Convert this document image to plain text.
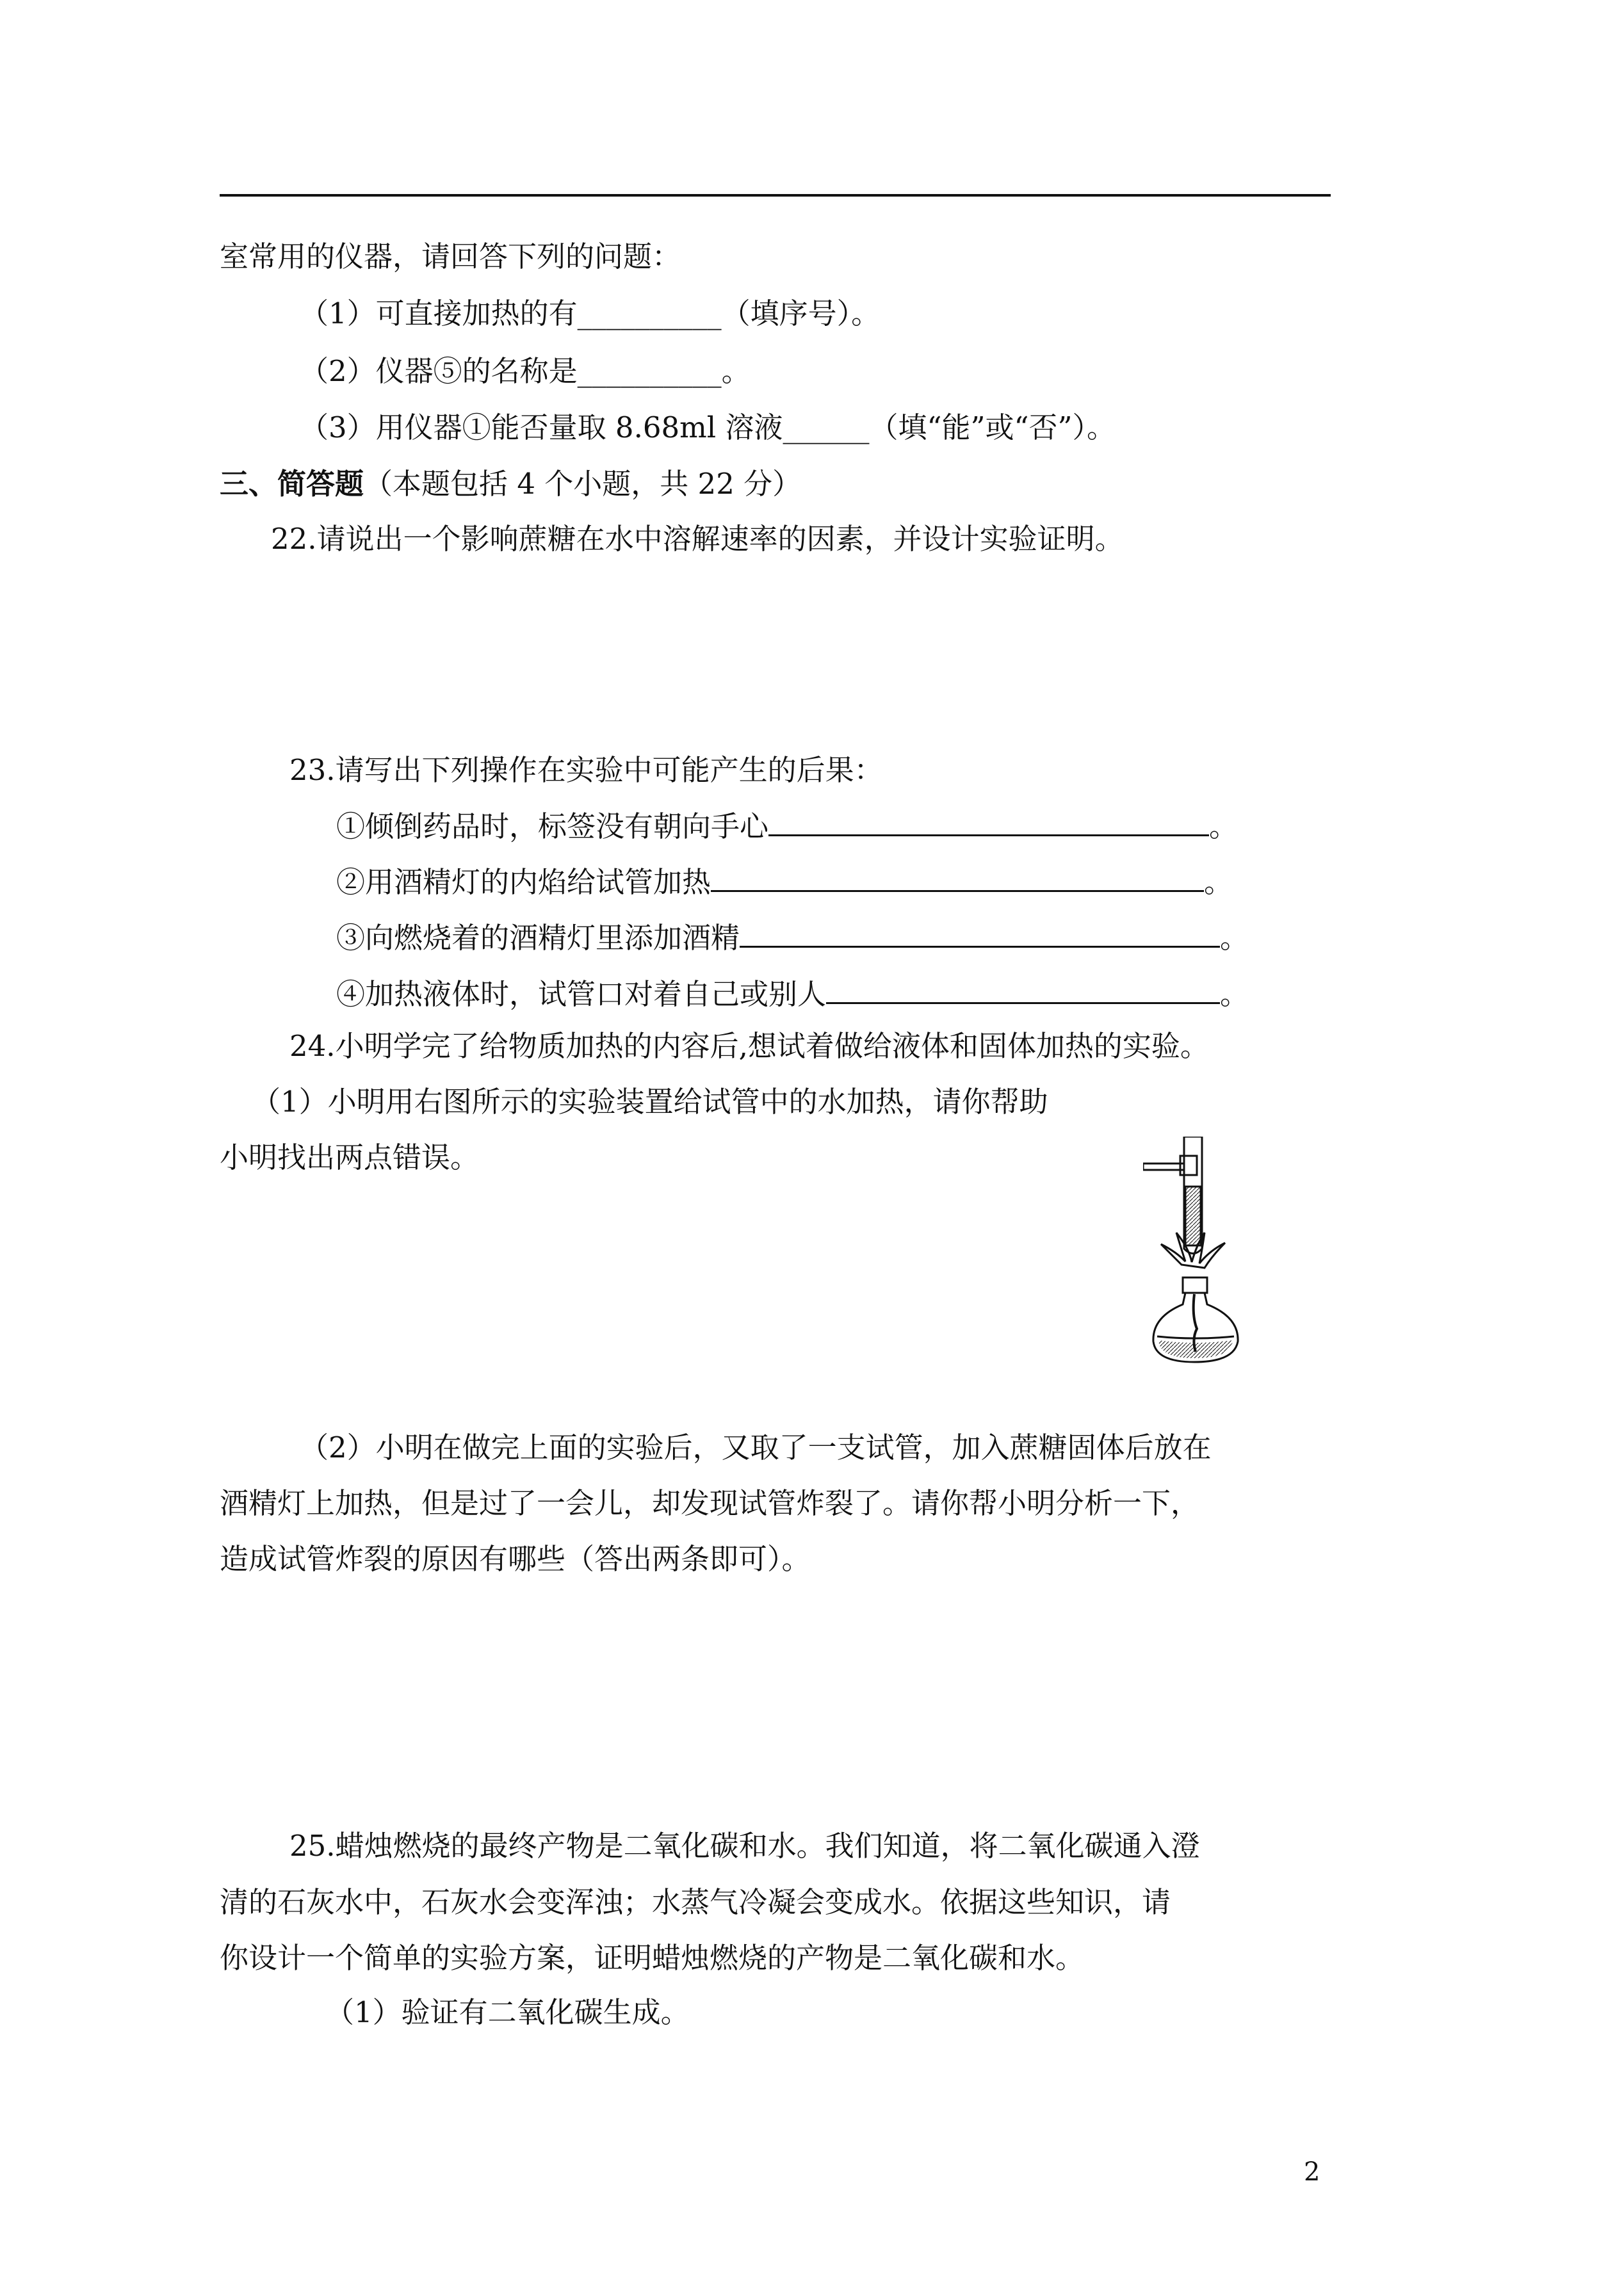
室常用的仪器，请回答下列的问题：
（1）可直接加热的有__________（填序号）。
（2）仪器⑤的名称是__________。
（3）用仪器①能否量取 8.68ml 溶液______（填“能”或“否”）。
三、简答题（本题包括 4 个小题，共 22 分）
22.请说出一个影响蔗糖在水中溶解速率的因素，并设计实验证明。
23.请写出下列操作在实验中可能产生的后果：
①倾倒药品时，标签没有朝向手心	。
②用酒精灯的内焰给试管加热	。
③向燃烧着的酒精灯里添加酒精	。
④加热液体时，试管口对着自己或别人	。
24.小明学完了给物质加热的内容后,想试着做给液体和固体加热的实验。
（1）小明用右图所示的实验装置给试管中的水加热，请你帮助
小明找出两点错误。
（2）小明在做完上面的实验后，又取了一支试管，加入蔗糖固体后放在
酒精灯上加热，但是过了一会儿，却发现试管炸裂了。请你帮小明分析一下，
造成试管炸裂的原因有哪些（答出两条即可）。
25.蜡烛燃烧的最终产物是二氧化碳和水。我们知道，将二氧化碳通入澄
清的石灰水中，石灰水会变浑浊；水蒸气冷凝会变成水。依据这些知识，请
你设计一个简单的实验方案，证明蜡烛燃烧的产物是二氧化碳和水。
（1）验证有二氧化碳生成。
2
